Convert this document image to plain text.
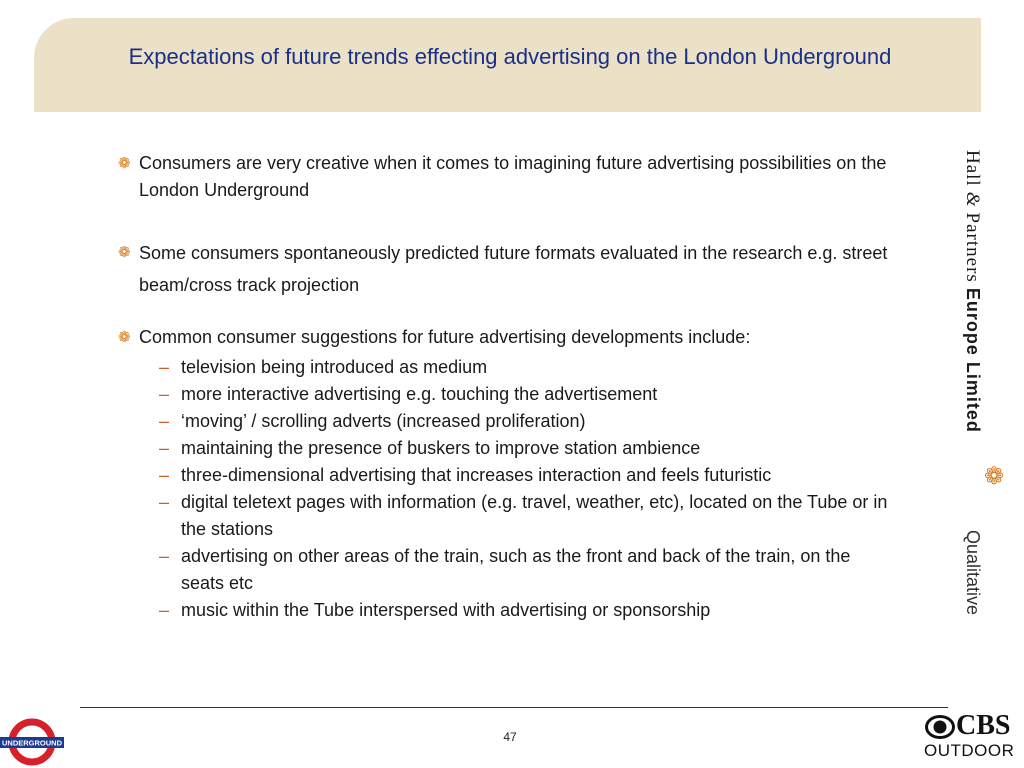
Expectations of future trends effecting advertising on the London Underground
❁ Consumers are very creative when it comes to imagining future advertising possibilities on the London Underground
❁ Some consumers spontaneously predicted future formats evaluated in the research e.g. street beam/cross track projection
❁ Common consumer suggestions for future advertising developments include:
– television being introduced as medium
– more interactive advertising e.g. touching the advertisement
– ‘moving’ / scrolling adverts (increased proliferation)
– maintaining the presence of buskers to improve station ambience
– three-dimensional advertising that increases interaction and feels futuristic
– digital teletext pages with information (e.g. travel, weather, etc), located on the Tube or in the stations
– advertising on other areas of the train, such as the front and back of the train, on the seats etc
– music within the Tube interspersed with advertising or sponsorship
Hall & Partners Europe Limited
❁
Qualitative
47
UNDERGROUND
CBS
OUTDOOR
